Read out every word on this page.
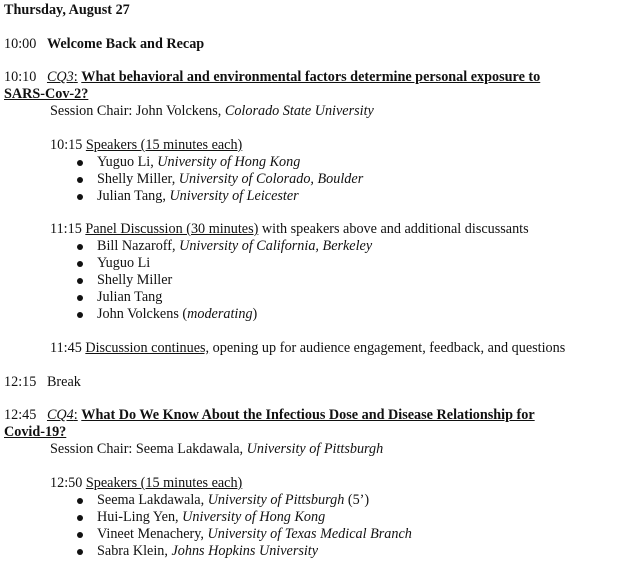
Thursday, August 27
10:00 Welcome Back and Recap
10:10 CQ3: What behavioral and environmental factors determine personal exposure to
SARS-Cov-2?
Session Chair: John Volckens, Colorado State University
10:15 Speakers (15 minutes each)
Yuguo Li, University of Hong Kong
Shelly Miller, University of Colorado, Boulder
Julian Tang, University of Leicester
11:15 Panel Discussion (30 minutes) with speakers above and additional discussants
Bill Nazaroff, University of California, Berkeley
Yuguo Li
Shelly Miller
Julian Tang
John Volckens (moderating)
11:45 Discussion continues, opening up for audience engagement, feedback, and questions
12:15 Break
12:45 CQ4: What Do We Know About the Infectious Dose and Disease Relationship for
Covid-19?
Session Chair: Seema Lakdawala, University of Pittsburgh
12:50 Speakers (15 minutes each)
Seema Lakdawala, University of Pittsburgh (5’)
Hui-Ling Yen, University of Hong Kong
Vineet Menachery, University of Texas Medical Branch
Sabra Klein, Johns Hopkins University
